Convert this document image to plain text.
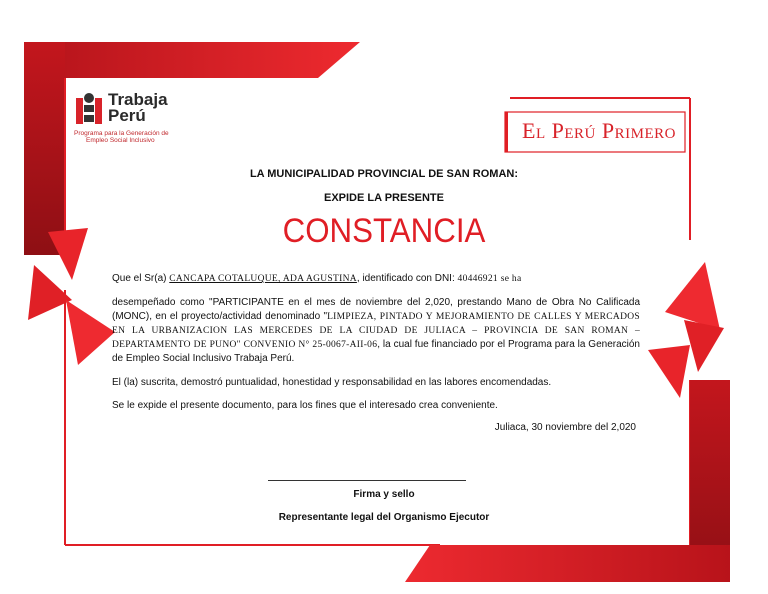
Trabaja
Perú
Programa para la Generación de
Empleo Social Inclusivo	El Perú Primero
LA MUNICIPALIDAD PROVINCIAL DE SAN ROMAN:
EXPIDE LA PRESENTE
CONSTANCIA
Que el Sr(a) CANCAPA COTALUQUE, ADA AGUSTINA, identificado con DNI: 40446921 se ha
desempeñado como "PARTICIPANTE en el mes de noviembre del 2,020, prestando Mano de Obra No Calificada (MONC), en el proyecto/actividad denominado "LIMPIEZA, PINTADO Y MEJORAMIENTO DE CALLES Y MERCADOS EN LA URBANIZACION LAS MERCEDES DE LA CIUDAD DE JULIACA – PROVINCIA DE SAN ROMAN – DEPARTAMENTO DE PUNO" CONVENIO N° 25-0067-AII-06, la cual fue financiado por el Programa para la Generación de Empleo Social Inclusivo Trabaja Perú.
El (la) suscrita, demostró puntualidad, honestidad y responsabilidad en las labores encomendadas.
Se le expide el presente documento, para los fines que el interesado crea conveniente.
Juliaca, 30 noviembre del 2,020
Firma y sello
Representante legal del Organismo Ejecutor
